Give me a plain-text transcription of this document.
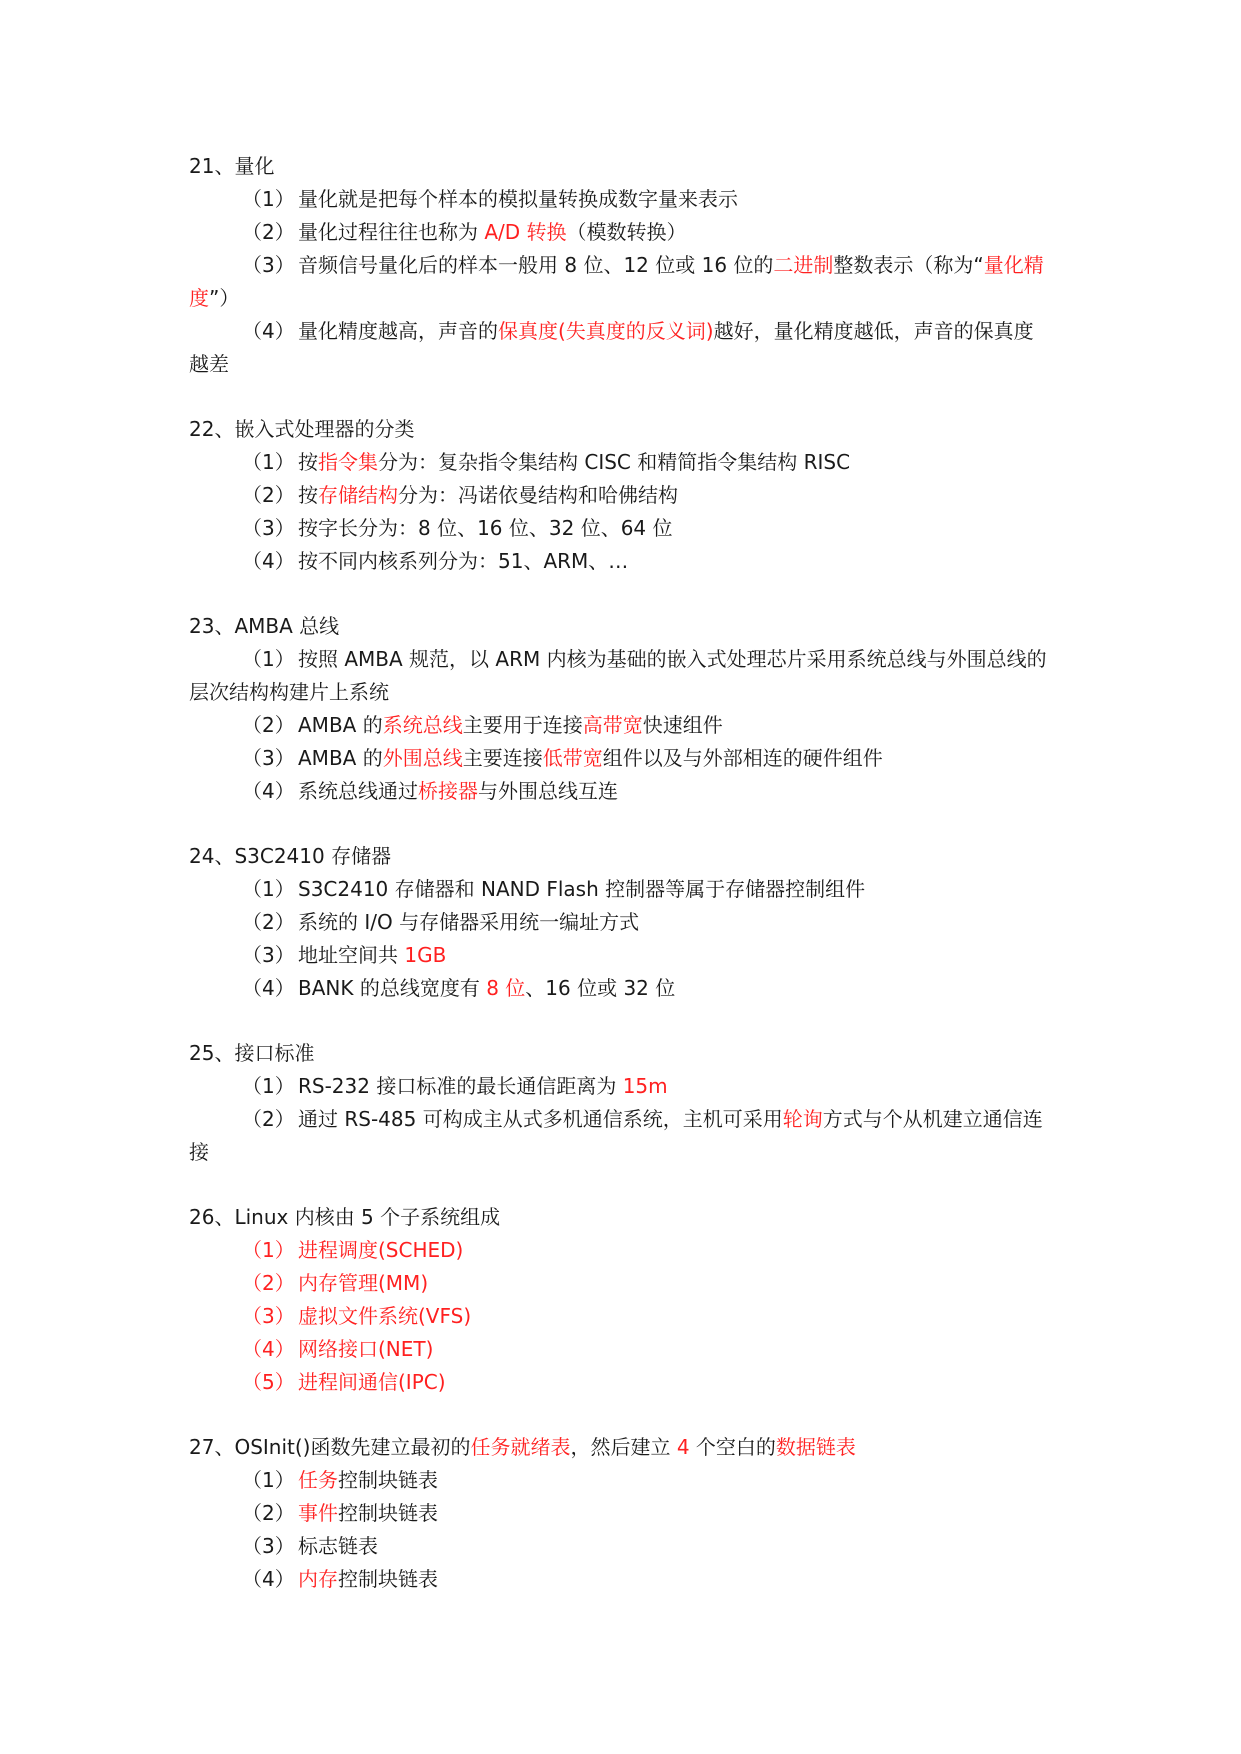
21、量化
（1） 量化就是把每个样本的模拟量转换成数字量来表示
（2） 量化过程往往也称为 A/D 转换（模数转换）
（3） 音频信号量化后的样本一般用 8 位、12 位或 16 位的二进制整数表示（称为“量化精度”）
（4） 量化精度越高，声音的保真度(失真度的反义词)越好，量化精度越低，声音的保真度越差
22、嵌入式处理器的分类
（1） 按指令集分为：复杂指令集结构 CISC 和精简指令集结构 RISC
（2） 按存储结构分为：冯诺依曼结构和哈佛结构
（3） 按字长分为：8 位、16 位、32 位、64 位
（4） 按不同内核系列分为：51、ARM、…
23、AMBA 总线
（1） 按照 AMBA 规范，以 ARM 内核为基础的嵌入式处理芯片采用系统总线与外围总线的层次结构构建片上系统
（2） AMBA 的系统总线主要用于连接高带宽快速组件
（3） AMBA 的外围总线主要连接低带宽组件以及与外部相连的硬件组件
（4） 系统总线通过桥接器与外围总线互连
24、S3C2410 存储器
（1） S3C2410 存储器和 NAND Flash 控制器等属于存储器控制组件
（2） 系统的 I/O 与存储器采用统一编址方式
（3） 地址空间共 1GB
（4） BANK 的总线宽度有 8 位、16 位或 32 位
25、接口标准
（1） RS-232 接口标准的最长通信距离为 15m
（2） 通过 RS-485 可构成主从式多机通信系统，主机可采用轮询方式与个从机建立通信连接
26、Linux 内核由 5 个子系统组成
（1） 进程调度(SCHED)
（2） 内存管理(MM)
（3） 虚拟文件系统(VFS)
（4） 网络接口(NET)
（5） 进程间通信(IPC)
27、OSInit()函数先建立最初的任务就绪表，然后建立 4 个空白的数据链表
（1） 任务控制块链表
（2） 事件控制块链表
（3） 标志链表
（4） 内存控制块链表
